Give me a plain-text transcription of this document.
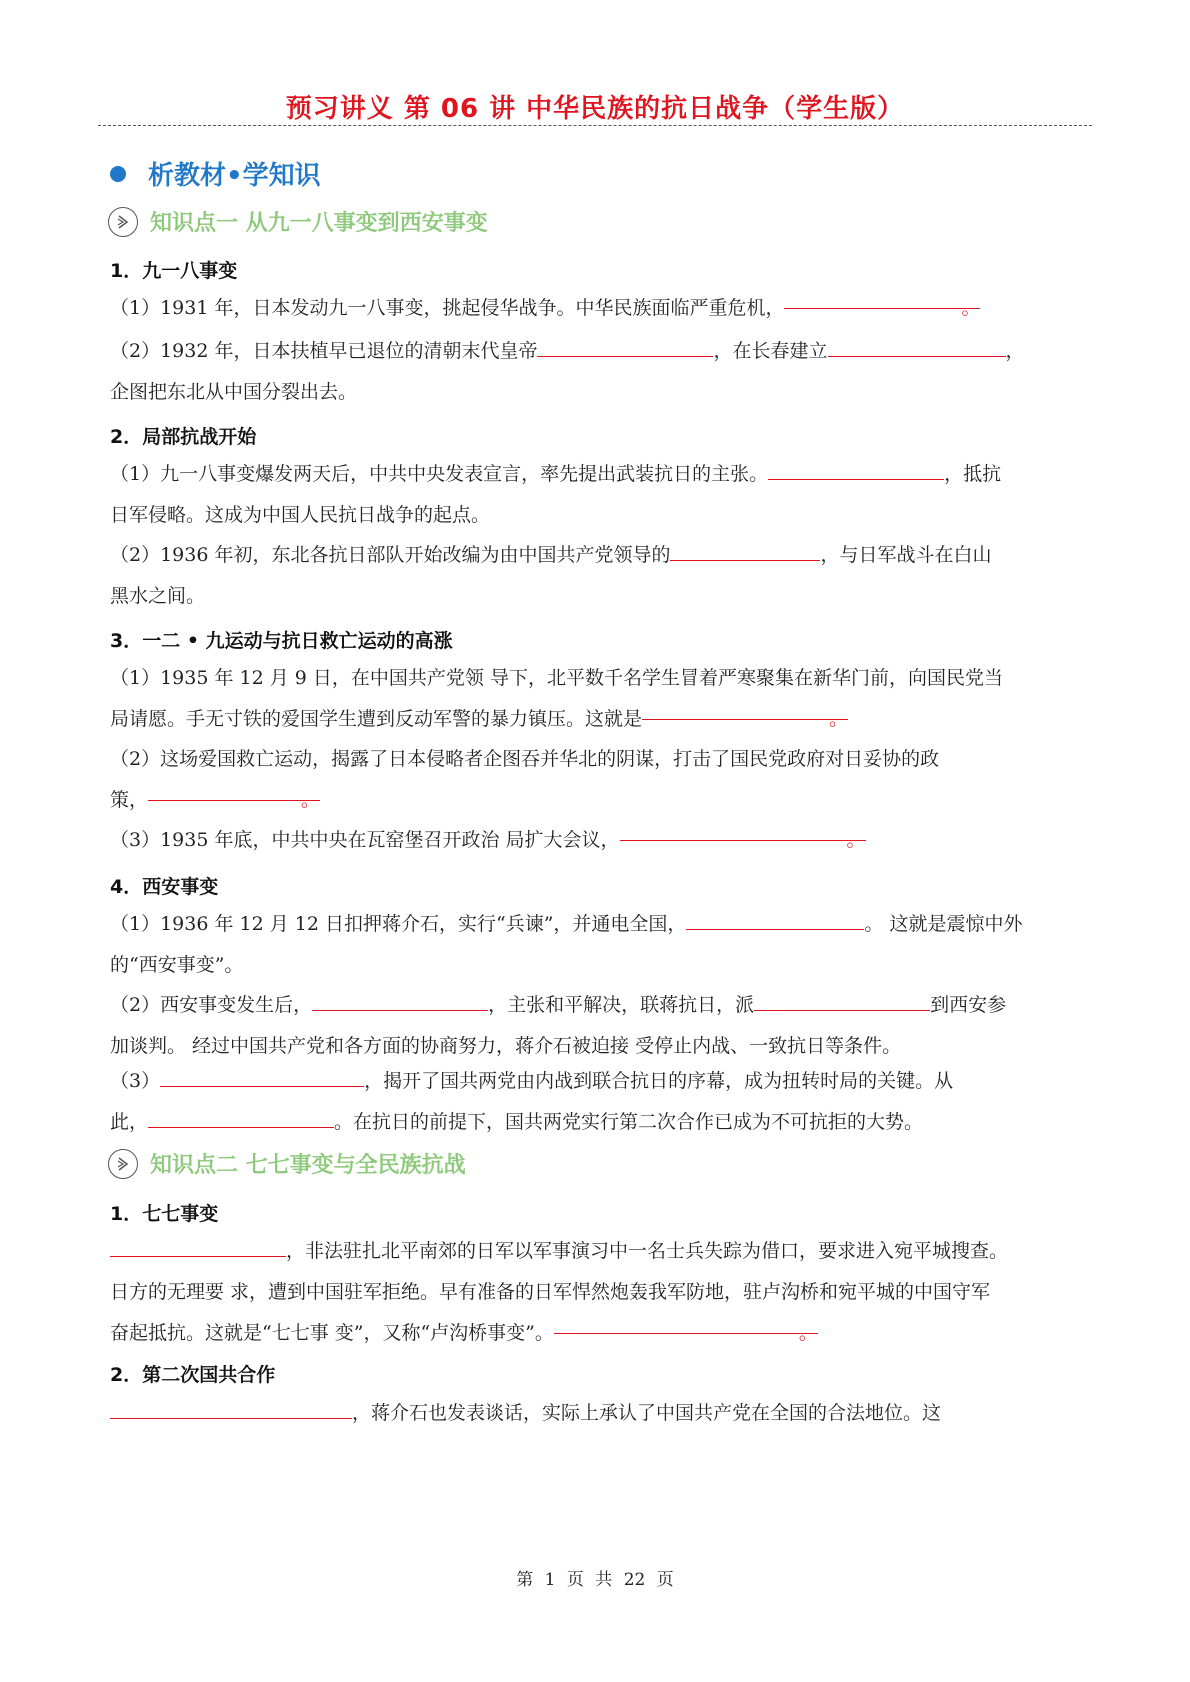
预习讲义 第 06 讲 中华民族的抗日战争（学生版）
析教材•学知识
知识点一 从九一八事变到西安事变
1．九一八事变
（1）1931 年，日本发动九一八事变，挑起侵华战争。中华民族面临严重危机，	。
（2）1932 年，日本扶植早已退位的清朝末代皇帝	，在长春建立	，
企图把东北从中国分裂出去。
2．局部抗战开始
（1）九一八事变爆发两天后，中共中央发表宣言，率先提出武装抗日的主张。	，抵抗
日军侵略。这成为中国人民抗日战争的起点。
（2）1936 年初，东北各抗日部队开始改编为由中国共产党领导的	，与日军战斗在白山
黑水之间。
3．一二 • 九运动与抗日救亡运动的高涨
（1）1935 年 12 月 9 日，在中国共产党领 导下，北平数千名学生冒着严寒聚集在新华门前，向国民党当
局请愿。手无寸铁的爱国学生遭到反动军警的暴力镇压。这就是	。
（2）这场爱国救亡运动，揭露了日本侵略者企图吞并华北的阴谋，打击了国民党政府对日妥协的政
策，	。
（3）1935 年底，中共中央在瓦窑堡召开政治 局扩大会议，	。
4．西安事变
（1）1936 年 12 月 12 日扣押蒋介石，实行“兵谏”，并通电全国，	。 这就是震惊中外
的“西安事变”。
（2）西安事变发生后，	，主张和平解决，联蒋抗日，派	到西安参
加谈判。 经过中国共产党和各方面的协商努力，蒋介石被迫接 受停止内战、一致抗日等条件。
（3）	，揭开了国共两党由内战到联合抗日的序幕，成为扭转时局的关键。从
此，	。在抗日的前提下，国共两党实行第二次合作已成为不可抗拒的大势。
知识点二 七七事变与全民族抗战
1．七七事变
，非法驻扎北平南郊的日军以军事演习中一名士兵失踪为借口，要求进入宛平城搜查。
日方的无理要 求，遭到中国驻军拒绝。早有准备的日军悍然炮轰我军防地，驻卢沟桥和宛平城的中国守军
奋起抵抗。这就是“七七事 变”，又称“卢沟桥事变”。	。
2．第二次国共合作
，蒋介石也发表谈话，实际上承认了中国共产党在全国的合法地位。这
第 1 页 共 22 页
